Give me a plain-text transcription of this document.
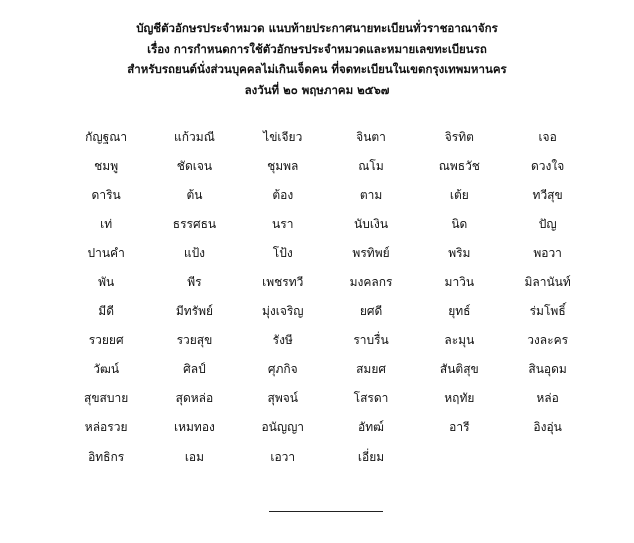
บัญชีตัวอักษรประจำหมวด แนบท้ายประกาศนายทะเบียนทั่วราชอาณาจักร
เรื่อง การกำหนดการใช้ตัวอักษรประจำหมวดและหมายเลขทะเบียนรถ
สำหรับรถยนต์นั่งส่วนบุคคลไม่เกินเจ็ดคน ที่จดทะเบียนในเขตกรุงเทพมหานคร
ลงวันที่ ๒๐ พฤษภาคม ๒๕๖๗
กัญฐณา	แก้วมณี	ไข่เจียว	จินตา	จิรทิต	เจอ
ชมพู	ชัดเจน	ชุมพล	ณโม	ณพธวัช	ดวงใจ
ดาริน	ต้น	ต้อง	ตาม	เต้ย	ทวีสุข
เท่	ธรรศธน	นรา	นับเงิน	นิด	ปัญ
ปานคำ	แป้ง	โป้ง	พรทิพย์	พริม	พอวา
พัน	พีร	เพชรทวี	มงคลกร	มาวิน	มิลานันท์
มีดี	มีทรัพย์	มุ่งเจริญ	ยศดี	ยุทธ์	ร่มโพธิ์
รวยยศ	รวยสุข	รังษี	ราบรื่น	ละมุน	วงละคร
วัฒน์	ศิลป์	ศุภกิจ	สมยศ	สันติสุข	สินอุดม
สุขสบาย	สุดหล่อ	สุพจน์	โสรดา	หฤทัย	หล่อ
หล่อรวย	เหมทอง	อนัญญา	อัทฒ์	อารี	อิงอุ่น
อิทธิกร	เอม	เอวา	เอี่ยม
